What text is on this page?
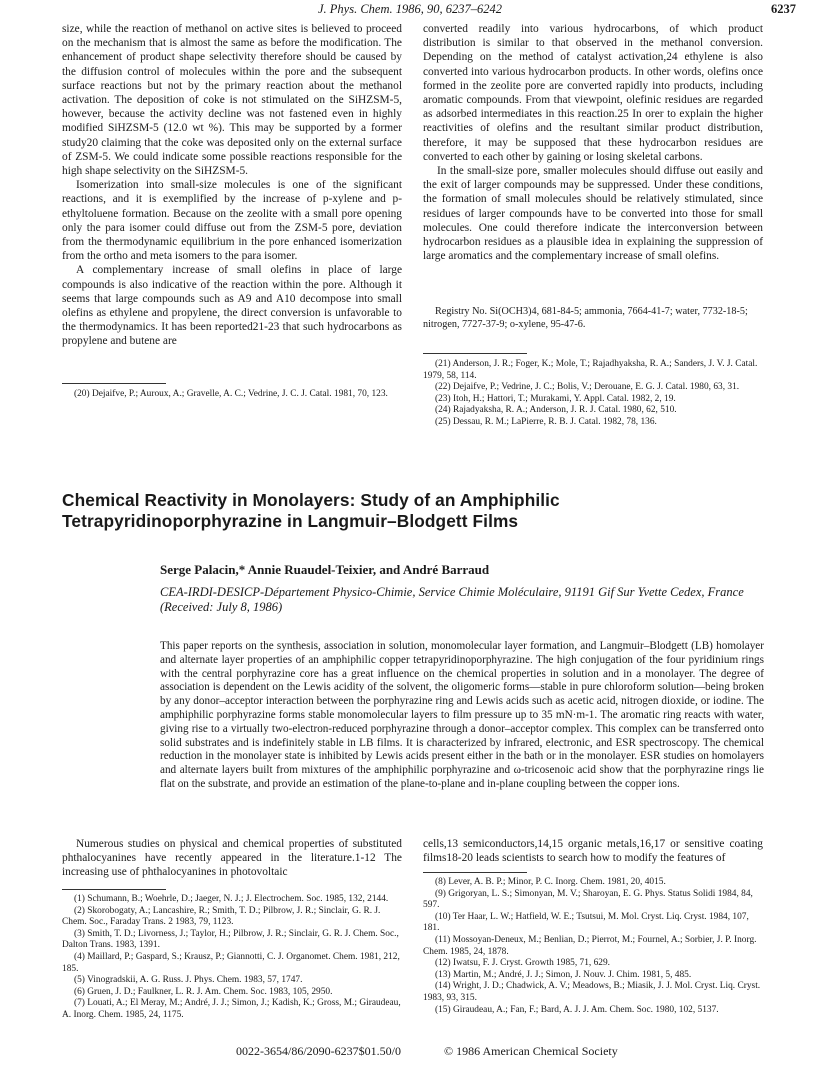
J. Phys. Chem. 1986, 90, 6237–6242	6237

size, while the reaction of methanol on active sites is believed to proceed on the mechanism that is almost the same as before the modification. The enhancement of product shape selectivity therefore should be caused by the diffusion control of molecules within the pore and the subsequent surface reactions but not by the primary reaction about the methanol activation. The deposition of coke is not stimulated on the SiHZSM-5, however, because the activity decline was not fastened even in highly modified SiHZSM-5 (12.0 wt %). This may be supported by a former study20 claiming that the coke was deposited only on the external surface of ZSM-5. We could indicate some possible reactions responsible for the high shape selectivity on the SiHZSM-5.

Isomerization into small-size molecules is one of the significant reactions, and it is exemplified by the increase of p-xylene and p-ethyltoluene formation. Because on the zeolite with a small pore opening only the para isomer could diffuse out from the ZSM-5 pore, deviation from the thermodynamic equilibrium in the pore enhanced isomerization from the ortho and meta isomers to the para isomer.

A complementary increase of small olefins in place of large compounds is also indicative of the reaction within the pore. Although it seems that large compounds such as A9 and A10 decompose into small olefins as ethylene and propylene, the direct conversion is unfavorable to the thermodynamics. It has been reported21-23 that such hydrocarbons as propylene and butene are

(20) Dejaifve, P.; Auroux, A.; Gravelle, A. C.; Vedrine, J. C. J. Catal. 1981, 70, 123.

converted readily into various hydrocarbons, of which product distribution is similar to that observed in the methanol conversion. Depending on the method of catalyst activation,24 ethylene is also converted into various hydrocarbon products. In other words, olefins once formed in the zeolite pore are converted rapidly into products, including aromatic compounds. From that viewpoint, olefinic residues are regarded as adsorbed intermediates in this reaction.25 In orer to explain the higher reactivities of olefins and the resultant similar product distribution, therefore, it may be supposed that these hydrocarbon residues are converted to each other by gaining or losing skeletal carbons.

In the small-size pore, smaller molecules should diffuse out easily and the exit of larger compounds may be suppressed. Under these conditions, the formation of small molecules should be relatively stimulated, since residues of larger compounds have to be converted into those for small molecules. One could therefore indicate the interconversion between hydrocarbon residues as a plausible idea in explaining the suppression of large aromatics and the complementary increase of small olefins.

Registry No. Si(OCH3)4, 681-84-5; ammonia, 7664-41-7; water, 7732-18-5; nitrogen, 7727-37-9; o-xylene, 95-47-6.
(21) Anderson, J. R.; Foger, K.; Mole, T.; Rajadhyaksha, R. A.; Sanders, J. V. J. Catal. 1979, 58, 114.
(22) Dejaifve, P.; Vedrine, J. C.; Bolis, V.; Derouane, E. G. J. Catal. 1980, 63, 31.
(23) Itoh, H.; Hattori, T.; Murakami, Y. Appl. Catal. 1982, 2, 19.
(24) Rajadyaksha, R. A.; Anderson, J. R. J. Catal. 1980, 62, 510.
(25) Dessau, R. M.; LaPierre, R. B. J. Catal. 1982, 78, 136.
Chemical Reactivity in Monolayers: Study of an Amphiphilic Tetrapyridinoporphyrazine in Langmuir–Blodgett Films
Serge Palacin,* Annie Ruaudel-Teixier, and André Barraud
CEA-IRDI-DESICP-Département Physico-Chimie, Service Chimie Moléculaire, 91191 Gif Sur Yvette Cedex, France (Received: July 8, 1986)
This paper reports on the synthesis, association in solution, monomolecular layer formation, and Langmuir–Blodgett (LB) homolayer and alternate layer properties of an amphiphilic copper tetrapyridinoporphyrazine. The high conjugation of the four pyridinium rings with the central porphyrazine core has a great influence on the chemical properties in solution and in a monolayer. The degree of association is dependent on the Lewis acidity of the solvent, the oligomeric forms—stable in pure chloroform solution—being broken by any donor–acceptor interaction between the porphyrazine ring and Lewis acids such as acetic acid, nitrogen dioxide, or iodine. The amphiphilic porphyrazine forms stable monomolecular layers to film pressure up to 35 mN·m-1. The aromatic ring reacts with water, giving rise to a virtually two-electron-reduced porphyrazine through a donor–acceptor complex. This complex can be transferred onto solid substrates and is indefinitely stable in LB films. It is characterized by infrared, electronic, and ESR spectroscopy. The chemical reduction in the monolayer state is inhibited by Lewis acids present either in the bath or in the monolayer. ESR studies on homolayers and alternate layers built from mixtures of the amphiphilic porphyrazine and ω-tricosenoic acid show that the porphyrazine rings lie flat on the substrate, and provide an estimation of the plane-to-plane and in-plane coupling between the copper ions.

Numerous studies on physical and chemical properties of substituted phthalocyanines have recently appeared in the literature.1-12 The increasing use of phthalocyanines in photovoltaic

(1) Schumann, B.; Woehrle, D.; Jaeger, N. J.; J. Electrochem. Soc. 1985, 132, 2144.
(2) Skorobogaty, A.; Lancashire, R.; Smith, T. D.; Pilbrow, J. R.; Sinclair, G. R. J. Chem. Soc., Faraday Trans. 2 1983, 79, 1123.
(3) Smith, T. D.; Livorness, J.; Taylor, H.; Pilbrow, J. R.; Sinclair, G. R. J. Chem. Soc., Dalton Trans. 1983, 1391.
(4) Maillard, P.; Gaspard, S.; Krausz, P.; Giannotti, C. J. Organomet. Chem. 1981, 212, 185.
(5) Vinogradskii, A. G. Russ. J. Phys. Chem. 1983, 57, 1747.
(6) Gruen, J. D.; Faulkner, L. R. J. Am. Chem. Soc. 1983, 105, 2950.
(7) Louati, A.; El Meray, M.; André, J. J.; Simon, J.; Kadish, K.; Gross, M.; Giraudeau, A. Inorg. Chem. 1985, 24, 1175.

cells,13 semiconductors,14,15 organic metals,16,17 or sensitive coating films18-20 leads scientists to search how to modify the features of

(8) Lever, A. B. P.; Minor, P. C. Inorg. Chem. 1981, 20, 4015.
(9) Grigoryan, L. S.; Simonyan, M. V.; Sharoyan, E. G. Phys. Status Solidi 1984, 84, 597.
(10) Ter Haar, L. W.; Hatfield, W. E.; Tsutsui, M. Mol. Cryst. Liq. Cryst. 1984, 107, 181.
(11) Mossoyan-Deneux, M.; Benlian, D.; Pierrot, M.; Fournel, A.; Sorbier, J. P. Inorg. Chem. 1985, 24, 1878.
(12) Iwatsu, F. J. Cryst. Growth 1985, 71, 629.
(13) Martin, M.; André, J. J.; Simon, J. Nouv. J. Chim. 1981, 5, 485.
(14) Wright, J. D.; Chadwick, A. V.; Meadows, B.; Miasik, J. J. Mol. Cryst. Liq. Cryst. 1983, 93, 315.
(15) Giraudeau, A.; Fan, F.; Bard, A. J. J. Am. Chem. Soc. 1980, 102, 5137.
0022-3654/86/2090-6237$01.50/0	© 1986 American Chemical Society
